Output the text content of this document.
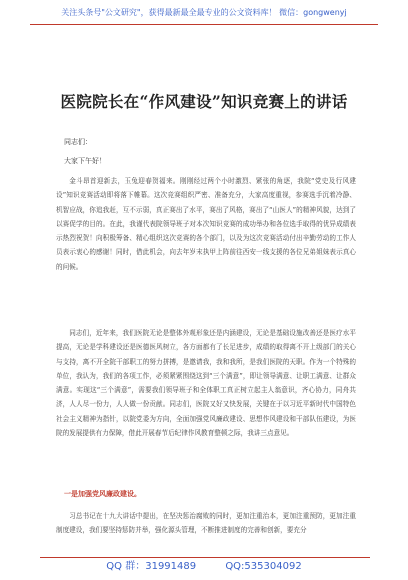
关注头条号"公文研究"，获得最新最全最专业的公文资料库！ 微信：gongwenyj
医院院长在“作风建设”知识竞赛上的讲话
同志们：
大家下午好！

金斗昂首迎新去，玉兔迎春贺福来。刚刚经过两个小时激烈、紧张的角逐，我院“党史及行风建设”知识竞赛活动即将落下帷幕。这次竞赛组织严密、准备充分，大家高度重视，参赛选手沉着冷静、机智应战，你追我赶，互不示弱，真正赛出了水平，赛出了风格，赛出了“山医人”的精神风貌，达到了以赛促学的目的。在此，我谨代表院领导班子对本次知识竞赛的成功举办和各位选手取得的优异成绩表示热烈祝贺！向积极筹备、精心组织这次竞赛的各个部门，以及为这次竞赛活动付出辛勤劳动的工作人员表示衷心的感谢！同时，借此机会，向去年岁末执甲上阵前往西安一线支援的各位兄弟姐妹表示真心的问候。

同志们，近年来，我们医院无论是整体外观形象还是内涵建设，无论是基础设施改善还是医疗水平提高，无论是学科建设还是医德医风树立，各方面都有了长足进步，成绩的取得离不开上级部门的关心与支持，离不开全院干部职工的努力拼搏，是邀请我，我和我所，是我们医院的天职。作为一个特殊的单位，我认为，我们的各项工作，必须紧紧围绕这到“三个满意”，即让领导满意、让职工满意、让群众满意。实现这“三个满意”，需要我们领导班子和全体职工真正树立起主人翁意识，齐心协力，同舟共济，人人尽一份力，人人做一份贡献。同志们，医院又好又快发展，关键在于以习近平新时代中国特色社会主义精神为指针，以院党委为方向，全面加强党风廉政建设、思想作风建设和干部队伍建设，为医院的发展提供有力保障，借此开展春节后纪律作风教育整顿之际，我讲三点意见。

一是加强党风廉政建设。

习总书记在十九大讲话中提出，在坚决惩治腐败的同时，更加注重治本，更加注重预防，更加注重制度建设，我们要坚持惩防并举，强化源头管理，不断推进制度的完善和创新，要充分

QQ 群：31991489	QQ:535304092
